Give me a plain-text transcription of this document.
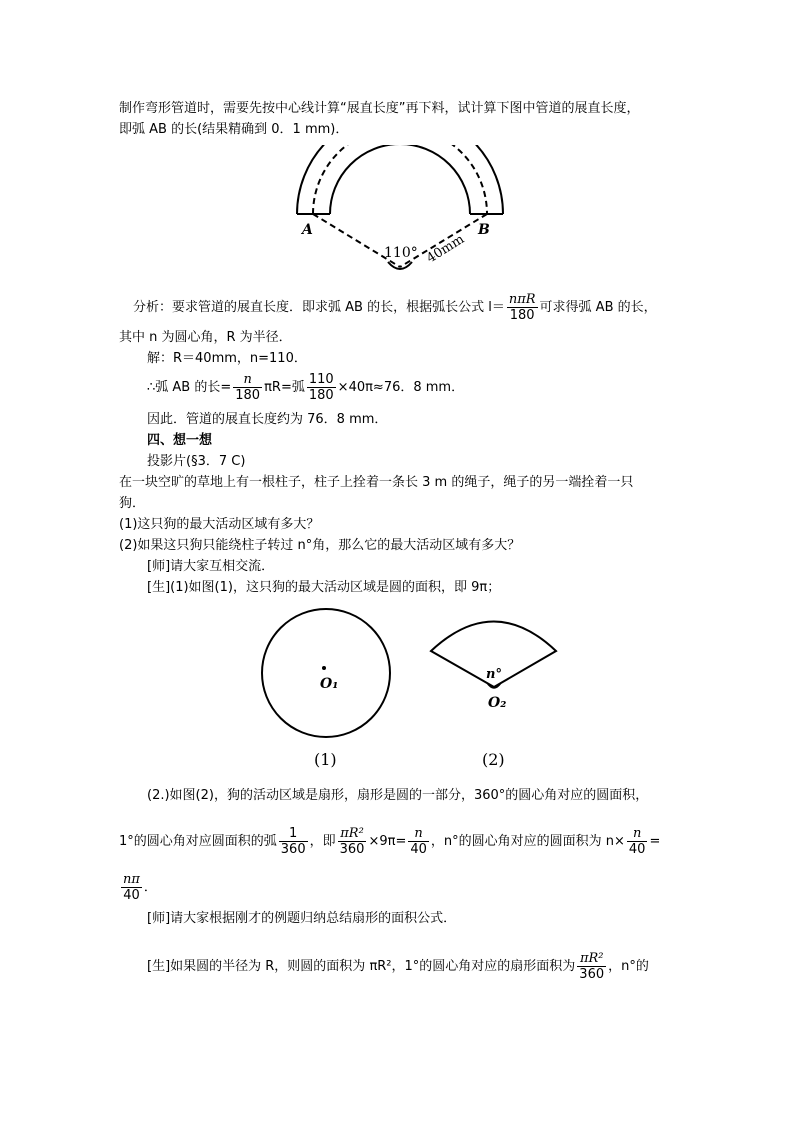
制作弯形管道时，需要先按中心线计算“展直长度”再下料，试计算下图中管道的展直长度，
即弧 AB 的长(结果精确到 0．1 mm)．
A	B
110° 40mm
分析：要求管道的展直长度．即求弧 AB 的长，根据弧长公式 $l= \frac{\text{nπR}}{180}$ 可求得弧 AB 的长，
其中 n 为圆心角，R 为半径．
解：R＝40mm，n=110．
∴弧 AB 的长= $\frac{n}{180} \pi R=$弧 $\frac{110}{180} \times 40\pi\approx 76$．8 mm．
因此．管道的展直长度约为 76．8 mm．
四、想一想
投影片(§3．7 C)
在一块空旷的草地上有一根柱子，柱子上拴着一条长 3 m 的绳子，绳子的另一端拴着一只
狗．
(1)这只狗的最大活动区域有多大？
(2)如果这只狗只能绕柱子转过 n°角，那么它的最大活动区域有多大？
[师]请大家互相交流．
[生](1)如图(1)，这只狗的最大活动区域是圆的面积，即 9π；
O₁
n°
O₂
(1)	(2)
(2.)如图(2)，狗的活动区域是扇形，扇形是圆的一部分，360°的圆心角对应的圆面积，
1°的圆心角对应圆面积的弧 $\frac{1}{360}$ ，即 $\frac{\text{πR²}}{360} \times 9\pi= \frac{n}{40}$ ，n°的圆心角对应的圆面积为 $n\times \frac{n}{40}$ =
$\frac{n\pi}{40}$ ．
[师]请大家根据刚才的例题归纳总结扇形的面积公式．
[生]如果圆的半径为 R，则圆的面积为 πR²，1°的圆心角对应的扇形面积为 $\frac{\text{πR²}}{360}$ ，n°的
